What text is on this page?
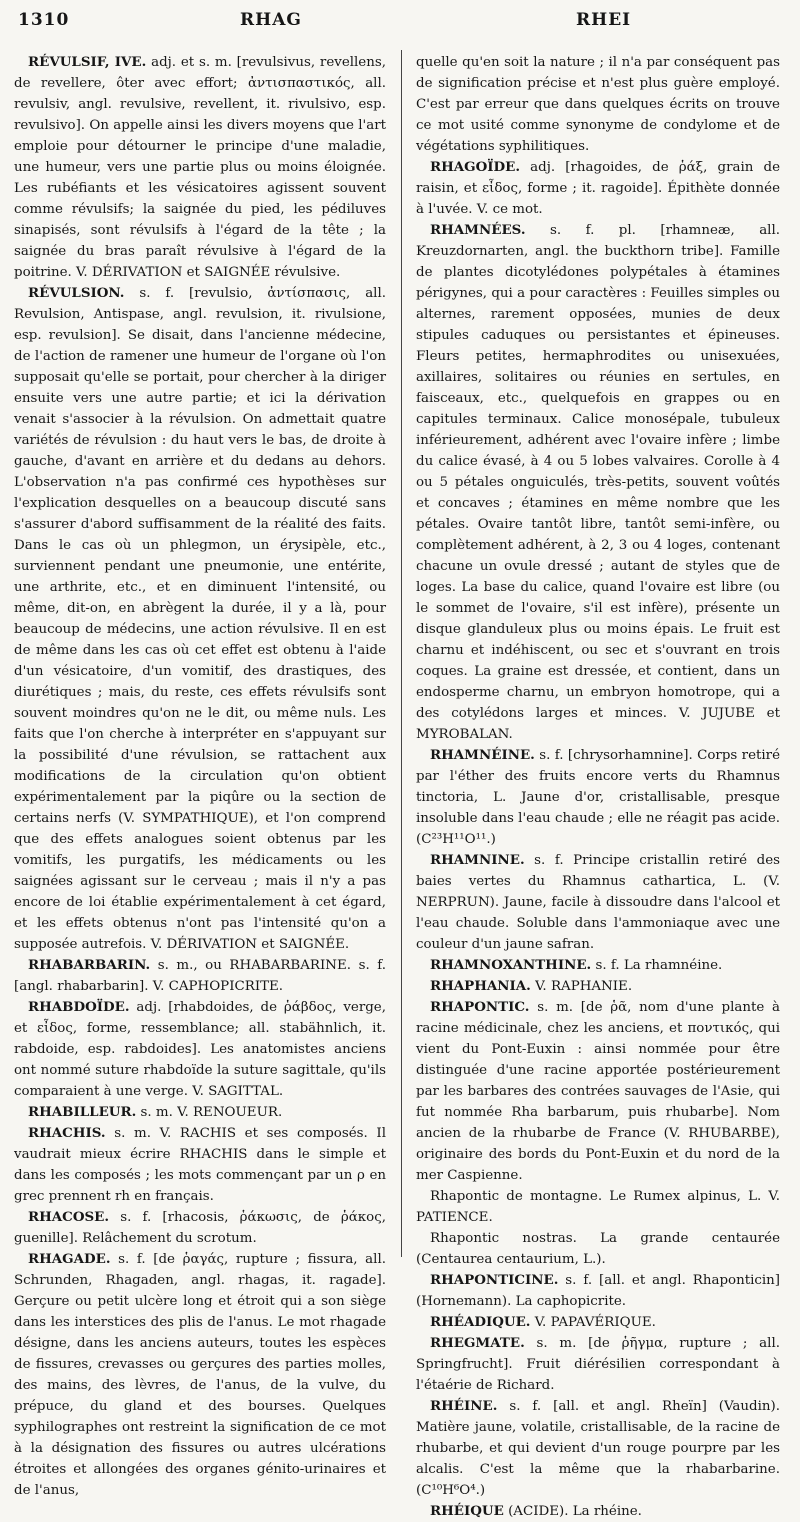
1310	RHAG	RHEI

RÉVULSIF, IVE. adj. et s. m. [revulsivus, revellens, de revellere, ôter avec effort; ἀντισπαστικός, all. revulsiv, angl. revulsive, revellent, it. rivulsivo, esp. revulsivo]. On appelle ainsi les divers moyens que l'art emploie pour détourner le principe d'une maladie, une humeur, vers une partie plus ou moins éloignée. Les rubéfiants et les vésicatoires agissent souvent comme révulsifs; la saignée du pied, les pédiluves sinapisés, sont révulsifs à l'égard de la tête ; la saignée du bras paraît révulsive à l'égard de la poitrine. V. DÉRIVATION et SAIGNÉE révulsive.

RÉVULSION. s. f. [revulsio, ἀντίσπασις, all. Revulsion, Antispase, angl. revulsion, it. rivulsione, esp. revulsion]. Se disait, dans l'ancienne médecine, de l'action de ramener une humeur de l'organe où l'on supposait qu'elle se portait, pour chercher à la diriger ensuite vers une autre partie; et ici la dérivation venait s'associer à la révulsion. On admettait quatre variétés de révulsion : du haut vers le bas, de droite à gauche, d'avant en arrière et du dedans au dehors. L'observation n'a pas confirmé ces hypothèses sur l'explication desquelles on a beaucoup discuté sans s'assurer d'abord suffisamment de la réalité des faits. Dans le cas où un phlegmon, un érysipèle, etc., surviennent pendant une pneumonie, une entérite, une arthrite, etc., et en diminuent l'intensité, ou même, dit-on, en abrègent la durée, il y a là, pour beaucoup de médecins, une action révulsive. Il en est de même dans les cas où cet effet est obtenu à l'aide d'un vésicatoire, d'un vomitif, des drastiques, des diurétiques ; mais, du reste, ces effets révulsifs sont souvent moindres qu'on ne le dit, ou même nuls. Les faits que l'on cherche à interpréter en s'appuyant sur la possibilité d'une révulsion, se rattachent aux modifications de la circulation qu'on obtient expérimentalement par la piqûre ou la section de certains nerfs (V. SYMPATHIQUE), et l'on comprend que des effets analogues soient obtenus par les vomitifs, les purgatifs, les médicaments ou les saignées agissant sur le cerveau ; mais il n'y a pas encore de loi établie expérimentalement à cet égard, et les effets obtenus n'ont pas l'intensité qu'on a supposée autrefois. V. DÉRIVATION et SAIGNÉE.

RHABARBARIN. s. m., ou RHABARBARINE. s. f. [angl. rhabarbarin]. V. CAPHOPICRITE.

RHABDOÏDE. adj. [rhabdoides, de ῥάβδος, verge, et εἶδος, forme, ressemblance; all. stabähnlich, it. rabdoide, esp. rabdoides]. Les anatomistes anciens ont nommé suture rhabdoïde la suture sagittale, qu'ils comparaient à une verge. V. SAGITTAL.

RHABILLEUR. s. m. V. RENOUEUR.

RHACHIS. s. m. V. RACHIS et ses composés. Il vaudrait mieux écrire RHACHIS dans le simple et dans les composés ; les mots commençant par un ρ en grec prennent rh en français.

RHACOSE. s. f. [rhacosis, ῥάκωσις, de ῥάκος, guenille]. Relâchement du scrotum.

RHAGADE. s. f. [de ῥαγάς, rupture ; fissura, all. Schrunden, Rhagaden, angl. rhagas, it. ragade]. Gerçure ou petit ulcère long et étroit qui a son siège dans les interstices des plis de l'anus. Le mot rhagade désigne, dans les anciens auteurs, toutes les espèces de fissures, crevasses ou gerçures des parties molles, des mains, des lèvres, de l'anus, de la vulve, du prépuce, du gland et des bourses. Quelques syphilographes ont restreint la signification de ce mot à la désignation des fissures ou autres ulcérations étroites et allongées des organes génito-urinaires et de l'anus,

quelle qu'en soit la nature ; il n'a par conséquent pas de signification précise et n'est plus guère employé. C'est par erreur que dans quelques écrits on trouve ce mot usité comme synonyme de condylome et de végétations syphilitiques.

RHAGOÏDE. adj. [rhagoides, de ῥάξ, grain de raisin, et εἶδος, forme ; it. ragoide]. Épithète donnée à l'uvée. V. ce mot.

RHAMNÉES. s. f. pl. [rhamneæ, all. Kreuzdornarten, angl. the buckthorn tribe]. Famille de plantes dicotylédones polypétales à étamines périgynes, qui a pour caractères : Feuilles simples ou alternes, rarement opposées, munies de deux stipules caduques ou persistantes et épineuses. Fleurs petites, hermaphrodites ou unisexuées, axillaires, solitaires ou réunies en sertules, en faisceaux, etc., quelquefois en grappes ou en capitules terminaux. Calice monosépale, tubuleux inférieurement, adhérent avec l'ovaire infère ; limbe du calice évasé, à 4 ou 5 lobes valvaires. Corolle à 4 ou 5 pétales onguiculés, très-petits, souvent voûtés et concaves ; étamines en même nombre que les pétales. Ovaire tantôt libre, tantôt semi-infère, ou complètement adhérent, à 2, 3 ou 4 loges, contenant chacune un ovule dressé ; autant de styles que de loges. La base du calice, quand l'ovaire est libre (ou le sommet de l'ovaire, s'il est infère), présente un disque glanduleux plus ou moins épais. Le fruit est charnu et indéhiscent, ou sec et s'ouvrant en trois coques. La graine est dressée, et contient, dans un endosperme charnu, un embryon homotrope, qui a des cotylédons larges et minces. V. JUJUBE et MYROBALAN.

RHAMNÉINE. s. f. [chrysorhamnine]. Corps retiré par l'éther des fruits encore verts du Rhamnus tinctoria, L. Jaune d'or, cristallisable, presque insoluble dans l'eau chaude ; elle ne réagit pas acide. (C²³H¹¹O¹¹.)

RHAMNINE. s. f. Principe cristallin retiré des baies vertes du Rhamnus catharticа, L. (V. NERPRUN). Jaune, facile à dissoudre dans l'alcool et l'eau chaude. Soluble dans l'ammoniaque avec une couleur d'un jaune safran.

RHAMNOXANTHINE. s. f. La rhamnéine.

RHAPHANIA. V. RAPHANIE.

RHAPONTIC. s. m. [de ῥᾶ, nom d'une plante à racine médicinale, chez les anciens, et ποντικός, qui vient du Pont-Euxin : ainsi nommée pour être distinguée d'une racine apportée postérieurement par les barbares des contrées sauvages de l'Asie, qui fut nommée Rha barbarum, puis rhubarbe]. Nom ancien de la rhubarbe de France (V. RHUBARBE), originaire des bords du Pont-Euxin et du nord de la mer Caspienne.

Rhapontic de montagne. Le Rumex alpinus, L. V. PATIENCE.

Rhapontic nostras. La grande centaurée (Centaurea centaurium, L.).

RHAPONTICINE. s. f. [all. et angl. Rhaponticin] (Hornemann). La caphopicrite.

RHÉADIQUE. V. PAPAVÉRIQUE.

RHEGMATE. s. m. [de ῥῆγμα, rupture ; all. Springfrucht]. Fruit diérésilien correspondant à l'étaérie de Richard.

RHÉINE. s. f. [all. et angl. Rheïn] (Vaudin). Matière jaune, volatile, cristallisable, de la racine de rhubarbe, et qui devient d'un rouge pourpre par les alcalis. C'est la même que la rhabarbarine. (C¹⁰H⁶O⁴.)

RHÉIQUE (ACIDE). La rhéine.
